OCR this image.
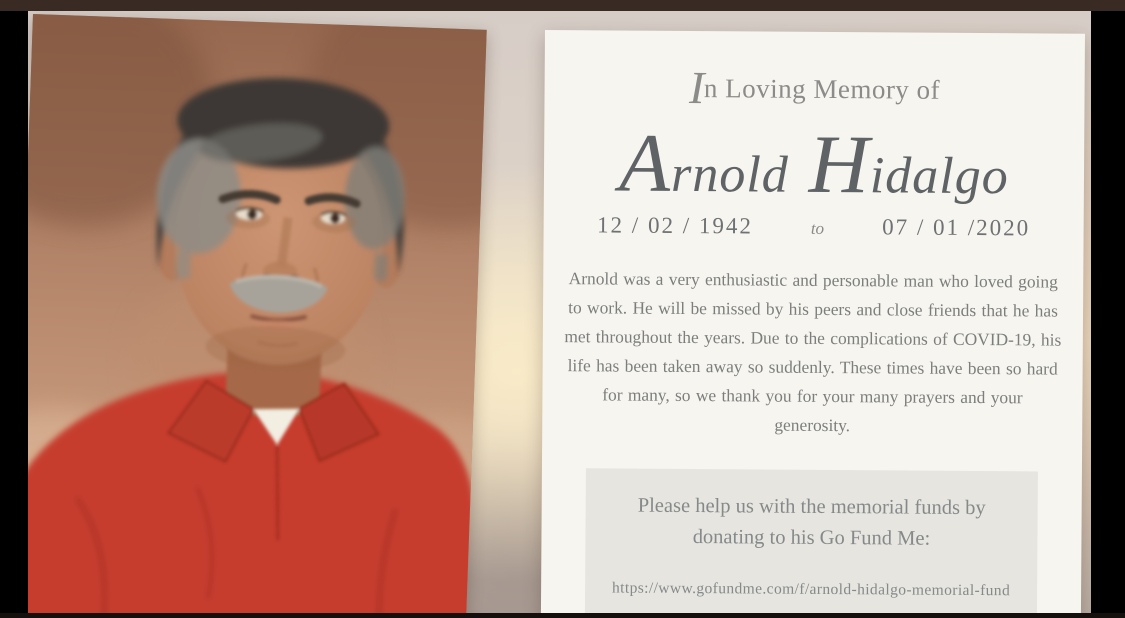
In Loving Memory of
Arnold Hidalgo
12 / 02 / 1942	to	07 / 01 /2020

Arnold was a very enthusiastic and personable man who loved going to work. He will be missed by his peers and close friends that he has met throughout the years. Due to the complications of COVID-19, his life has been taken away so suddenly. These times have been so hard for many, so we thank you for your many prayers and your generosity.

Please help us with the memorial funds by
donating to his Go Fund Me:
https://www.gofundme.com/f/arnold-hidalgo-memorial-fund
